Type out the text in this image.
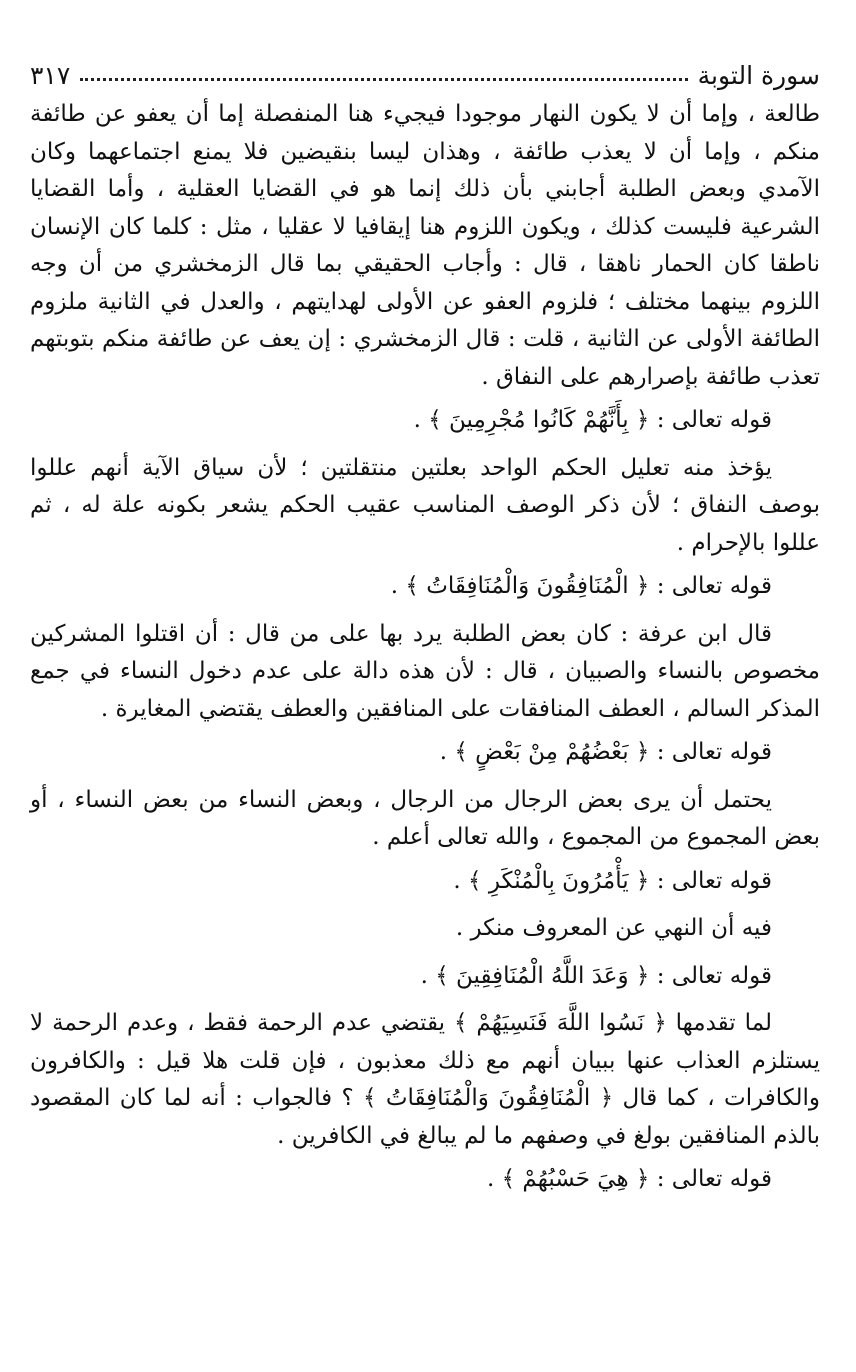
سورة التوبة
٣١٧

طالعة ، وإما أن لا يكون النهار موجودا فيجيء هنا المنفصلة إما أن يعفو عن طائفة منكم ، وإما أن لا يعذب طائفة ، وهذان ليسا بنقيضين فلا يمنع اجتماعهما وكان الآمدي وبعض الطلبة أجابني بأن ذلك إنما هو في القضايا العقلية ، وأما القضايا الشرعية فليست كذلك ، ويكون اللزوم هنا إيقافيا لا عقليا ، مثل : كلما كان الإنسان ناطقا كان الحمار ناهقا ، قال : وأجاب الحقيقي بما قال الزمخشري من أن وجه اللزوم بينهما مختلف ؛ فلزوم العفو عن الأولى لهدايتهم ، والعدل في الثانية ملزوم الطائفة الأولى عن الثانية ، قلت : قال الزمخشري : إن يعف عن طائفة منكم بتوبتهم تعذب طائفة بإصرارهم على النفاق .

قوله تعالى : ﴿ بِأَنَّهُمْ كَانُوا مُجْرِمِينَ ﴾ .

يؤخذ منه تعليل الحكم الواحد بعلتين منتقلتين ؛ لأن سياق الآية أنهم عللوا بوصف النفاق ؛ لأن ذكر الوصف المناسب عقيب الحكم يشعر بكونه علة له ، ثم عللوا بالإحرام .

قوله تعالى : ﴿ الْمُنَافِقُونَ وَالْمُنَافِقَاتُ ﴾ .

قال ابن عرفة : كان بعض الطلبة يرد بها على من قال : أن اقتلوا المشركين مخصوص بالنساء والصبيان ، قال : لأن هذه دالة على عدم دخول النساء في جمع المذكر السالم ، العطف المنافقات على المنافقين والعطف يقتضي المغايرة .

قوله تعالى : ﴿ بَعْضُهُمْ مِنْ بَعْضٍ ﴾ .

يحتمل أن يرى بعض الرجال من الرجال ، وبعض النساء من بعض النساء ، أو بعض المجموع من المجموع ، والله تعالى أعلم .

قوله تعالى : ﴿ يَأْمُرُونَ بِالْمُنْكَرِ ﴾ .

فيه أن النهي عن المعروف منكر .

قوله تعالى : ﴿ وَعَدَ اللَّهُ الْمُنَافِقِينَ ﴾ .

لما تقدمها ﴿ نَسُوا اللَّهَ فَنَسِيَهُمْ ﴾ يقتضي عدم الرحمة فقط ، وعدم الرحمة لا يستلزم العذاب عنها ببيان أنهم مع ذلك معذبون ، فإن قلت هلا قيل : والكافرون والكافرات ، كما قال ﴿ الْمُنَافِقُونَ وَالْمُنَافِقَاتُ ﴾ ؟ فالجواب : أنه لما كان المقصود بالذم المنافقين بولغ في وصفهم ما لم يبالغ في الكافرين .

قوله تعالى : ﴿ هِيَ حَسْبُهُمْ ﴾ .
